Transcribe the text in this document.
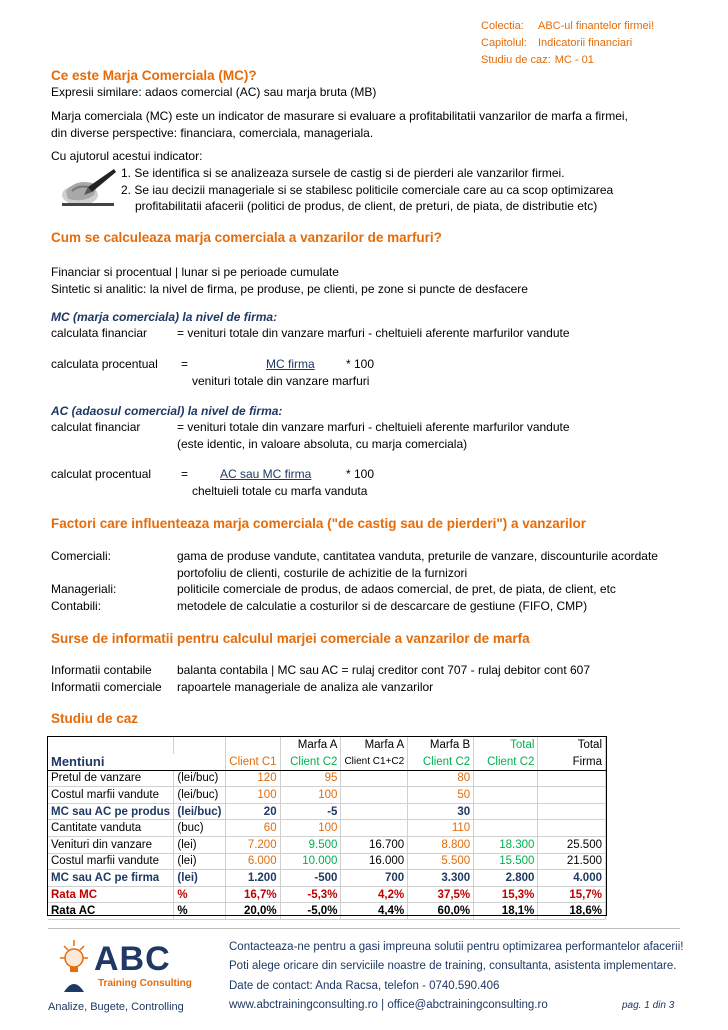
Colectia:	ABC-ul finantelor firmei!
Capitolul:	Indicatorii financiari
Studiu de caz: MC - 01
Ce este Marja Comerciala (MC)?
Expresii similare: adaos comercial (AC) sau marja bruta (MB)
Marja comerciala (MC) este un indicator de masurare si evaluare a profitabilitatii vanzarilor de marfa a firmei,
din diverse perspective: financiara, comerciala, manageriala.
Cu ajutorul acestui indicator:
1. Se identifica si se analizeaza sursele de castig si de pierderi ale vanzarilor firmei.
2. Se iau decizii manageriale si se stabilesc politicile comerciale care au ca scop optimizarea
profitabilitatii afacerii (politici de produs, de client, de preturi, de piata, de distributie etc)
Cum se calculeaza marja comerciala a vanzarilor de marfuri?
Financiar si procentual | lunar si pe perioade cumulate
Sintetic si analitic: la nivel de firma, pe produse, pe clienti, pe zone si puncte de desfacere
MC (marja comerciala) la nivel de firma:
calculata financiar = venituri totale din vanzare marfuri - cheltuieli aferente marfurilor vandute
calculata procentual =	MC firma	* 100
venituri totale din vanzare marfuri
AC (adaosul comercial) la nivel de firma:
calculat financiar	= venituri totale din vanzare marfuri - cheltuieli aferente marfurilor vandute
(este identic, in valoare absoluta, cu marja comerciala)
calculat procentual =	AC sau MC firma	* 100
cheltuieli totale cu marfa vanduta
Factori care influenteaza marja comerciala ("de castig sau de pierderi") a vanzarilor
Comerciali:	gama de produse vandute, cantitatea vanduta, preturile de vanzare, discounturile acordate
portofoliu de clienti, costurile de achizitie de la furnizori
Manageriali:	politicile comerciale de produs, de adaos comercial, de pret, de piata, de client, etc
Contabili:	metodele de calculatie a costurilor si de descarcare de gestiune (FIFO, CMP)
Surse de informatii pentru calculul marjei comerciale a vanzarilor de marfa
Informatii contabile balanta contabila | MC sau AC = rulaj creditor cont 707 - rulaj debitor cont 607
Informatii comerciale rapoartele manageriale de analiza ale vanzarilor
Studiu de caz
			Marfa A	Marfa A	Marfa B	Total	Total
Mentiuni		Client C1	Client C2	Client C1+C2	Client C2	Client C2	Firma
Pretul de vanzare	(lei/buc)	120	95		80		
Costul marfii vandute	(lei/buc)	100	100		50		
MC sau AC pe produs	(lei/buc)	20	-5		30		
Cantitate vanduta	(buc)	60	100		110		
Venituri din vanzare	(lei)	7.200	9.500	16.700	8.800	18.300	25.500
Costul marfii vandute	(lei)	6.000	10.000	16.000	5.500	15.500	21.500
MC sau AC pe firma	(lei)	1.200	-500	700	3.300	2.800	4.000
Rata MC	%	16,7%	-5,3%	4,2%	37,5%	15,3%	15,7%
Rata AC	%	20,0%	-5,0%	4,4%	60,0%	18,1%	18,6%
ABC
Training Consulting
Analize, Bugete, Controlling
Contacteaza-ne pentru a gasi impreuna solutii pentru optimizarea performantelor afacerii!
Poti alege oricare din serviciile noastre de training, consultanta, asistenta implementare.
Date de contact: Anda Racsa, telefon - 0740.590.406
www.abctrainingconsulting.ro | office@abctrainingconsulting.ro	pag. 1 din 3
